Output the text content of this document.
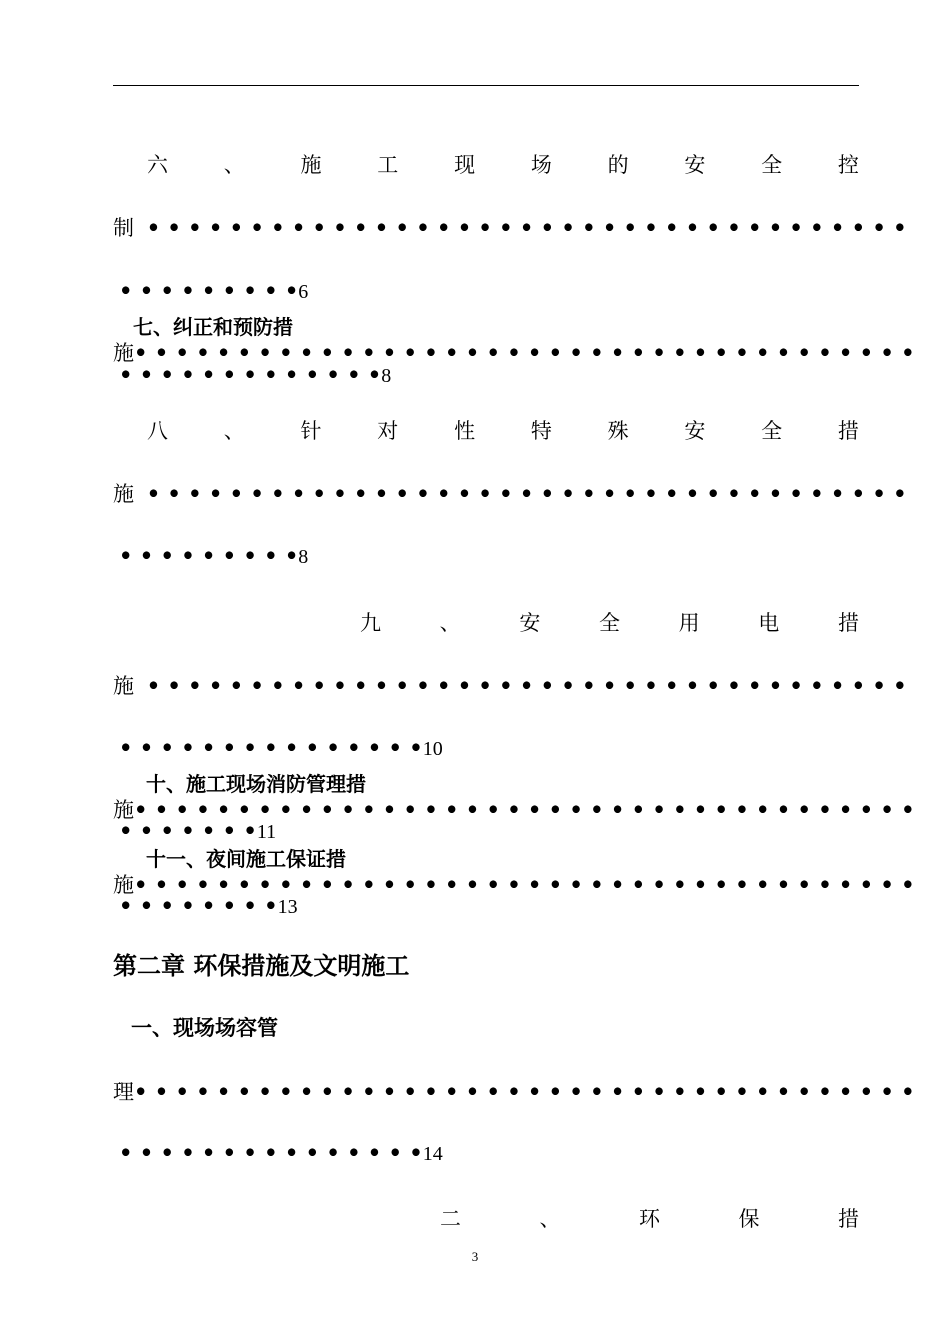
六	、	施	工	现	场	的	安	全	控
制 • • • • • • • • • • • • • • • • • • • • • • • • • • • • • • • • • • • • •
• • • • • • • • •6
七、纠正和预防措
施• • • • • • • • • • • • • • • • • • • • • • • • • • • • • • • • • • • • • •
• • • • • • • • • • • • •8
八	、	针	对	性	特	殊	安	全	措
施 • • • • • • • • • • • • • • • • • • • • • • • • • • • • • • • • • • • • •
• • • • • • • • •8
九	、	安	全	用	电	措
施 • • • • • • • • • • • • • • • • • • • • • • • • • • • • • • • • • • • • •
• • • • • • • • • • • • • • •10
十、施工现场消防管理措
施• • • • • • • • • • • • • • • • • • • • • • • • • • • • • • • • • • • • • •
• • • • • • •11
十一、夜间施工保证措
施• • • • • • • • • • • • • • • • • • • • • • • • • • • • • • • • • • • • • •
• • • • • • • •13
第二章 环保措施及文明施工
一、现场场容管
理• • • • • • • • • • • • • • • • • • • • • • • • • • • • • • • • • • • • • •
• • • • • • • • • • • • • • •14
二	、	环	保	措
3
